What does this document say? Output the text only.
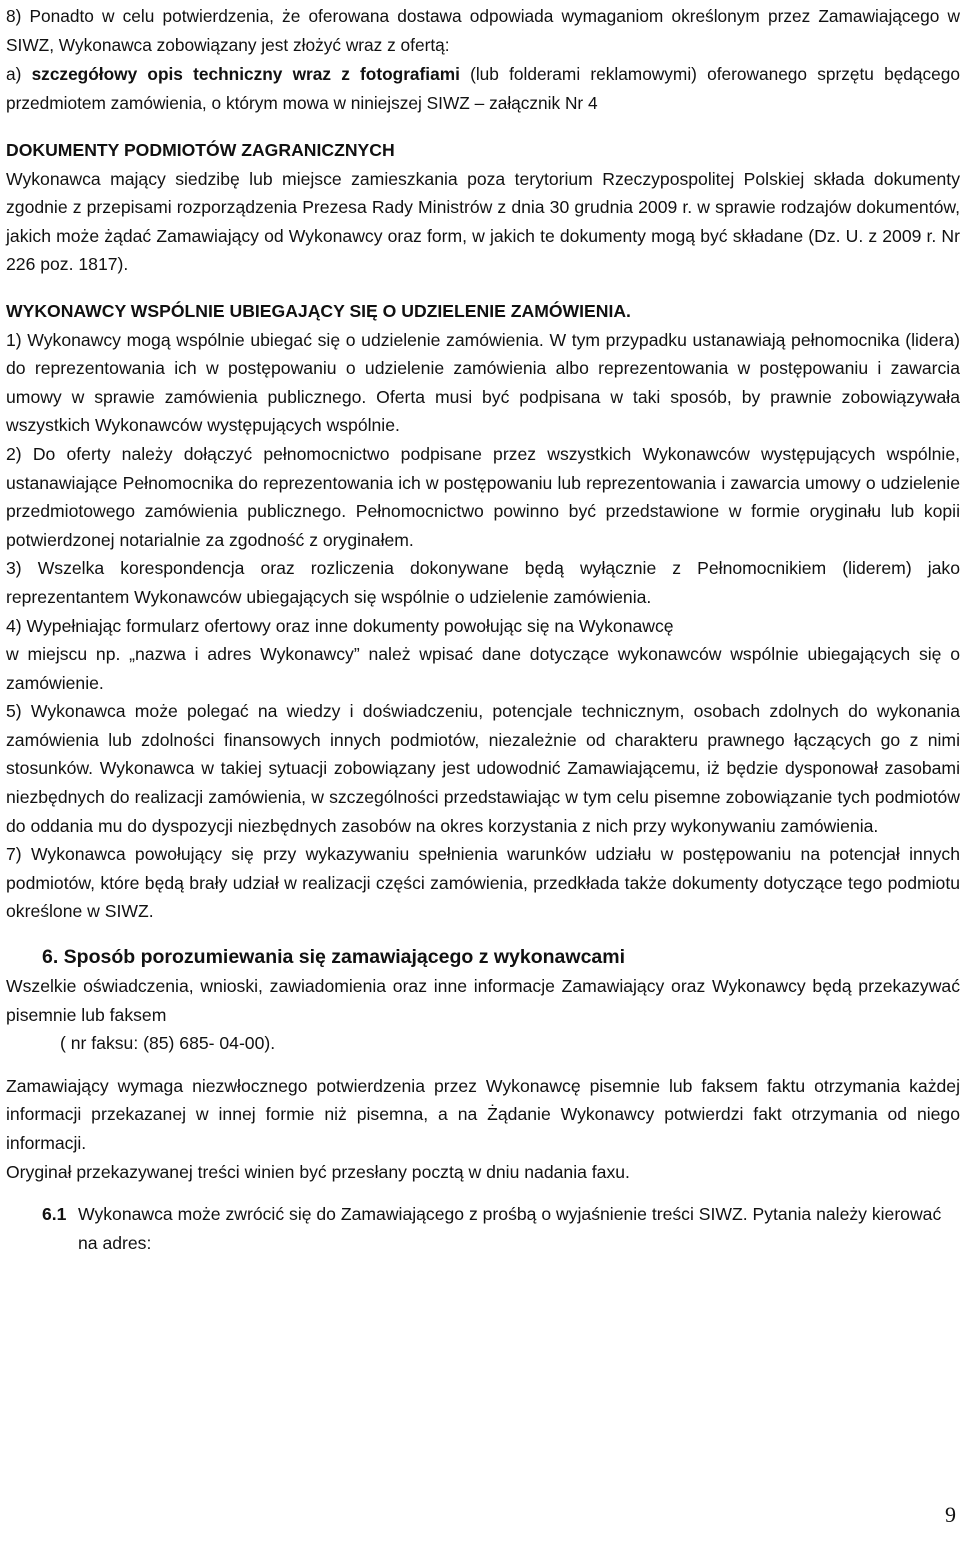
8) Ponadto w celu potwierdzenia, że oferowana dostawa odpowiada wymaganiom określonym przez Zamawiającego w SIWZ, Wykonawca zobowiązany jest złożyć wraz z ofertą:

a) szczegółowy opis techniczny wraz z fotografiami (lub folderami reklamowymi) oferowanego sprzętu będącego przedmiotem zamówienia, o którym mowa w niniejszej SIWZ – załącznik Nr 4

DOKUMENTY PODMIOTÓW ZAGRANICZNYCH

Wykonawca mający siedzibę lub miejsce zamieszkania poza terytorium Rzeczypospolitej Polskiej składa dokumenty zgodnie z przepisami rozporządzenia Prezesa Rady Ministrów z dnia 30 grudnia 2009 r. w sprawie rodzajów dokumentów, jakich może żądać Zamawiający od Wykonawcy oraz form, w jakich te dokumenty mogą być składane (Dz. U. z 2009 r. Nr 226 poz. 1817).

WYKONAWCY WSPÓLNIE UBIEGAJĄCY SIĘ O UDZIELENIE ZAMÓWIENIA.

1) Wykonawcy mogą wspólnie ubiegać się o udzielenie zamówienia. W tym przypadku ustanawiają pełnomocnika (lidera) do reprezentowania ich w postępowaniu o udzielenie zamówienia albo reprezentowania w postępowaniu i zawarcia umowy w sprawie zamówienia publicznego. Oferta musi być podpisana w taki sposób, by prawnie zobowiązywała wszystkich Wykonawców występujących wspólnie.

2) Do oferty należy dołączyć pełnomocnictwo podpisane przez wszystkich Wykonawców występujących wspólnie, ustanawiające Pełnomocnika do reprezentowania ich w postępowaniu lub reprezentowania i zawarcia umowy o udzielenie przedmiotowego zamówienia publicznego. Pełnomocnictwo powinno być przedstawione w formie oryginału lub kopii potwierdzonej notarialnie za zgodność z oryginałem.

3) Wszelka korespondencja oraz rozliczenia dokonywane będą wyłącznie z Pełnomocnikiem (liderem) jako reprezentantem Wykonawców ubiegających się wspólnie o udzielenie zamówienia.

4) Wypełniając formularz ofertowy oraz inne dokumenty powołując się na Wykonawcę

w miejscu np. „nazwa i adres Wykonawcy” należ wpisać dane dotyczące wykonawców wspólnie ubiegających się o zamówienie.

5) Wykonawca może polegać na wiedzy i doświadczeniu, potencjale technicznym, osobach zdolnych do wykonania zamówienia lub zdolności finansowych innych podmiotów, niezależnie od charakteru prawnego łączących go z nimi stosunków. Wykonawca w takiej sytuacji zobowiązany jest udowodnić Zamawiającemu, iż będzie dysponował zasobami niezbędnych do realizacji zamówienia, w szczególności przedstawiając w tym celu pisemne zobowiązanie tych podmiotów do oddania mu do dyspozycji niezbędnych zasobów na okres korzystania z nich przy wykonywaniu zamówienia.

7) Wykonawca powołujący się przy wykazywaniu spełnienia warunków udziału w postępowaniu na potencjał innych podmiotów, które będą brały udział w realizacji części zamówienia, przedkłada także dokumenty dotyczące tego podmiotu określone w SIWZ.

6. Sposób porozumiewania się zamawiającego z wykonawcami

Wszelkie oświadczenia, wnioski, zawiadomienia oraz inne informacje Zamawiający oraz Wykonawcy będą przekazywać pisemnie lub faksem

( nr faksu: (85) 685- 04-00).

Zamawiający wymaga niezwłocznego potwierdzenia przez Wykonawcę pisemnie lub faksem faktu otrzymania każdej informacji przekazanej w innej formie niż pisemna, a na Żądanie Wykonawcy potwierdzi fakt otrzymania od niego informacji.

Oryginał przekazywanej treści winien być przesłany pocztą w dniu nadania faxu.

6.1 Wykonawca może zwrócić się do Zamawiającego z prośbą o wyjaśnienie treści SIWZ. Pytania należy kierować na adres:
9
